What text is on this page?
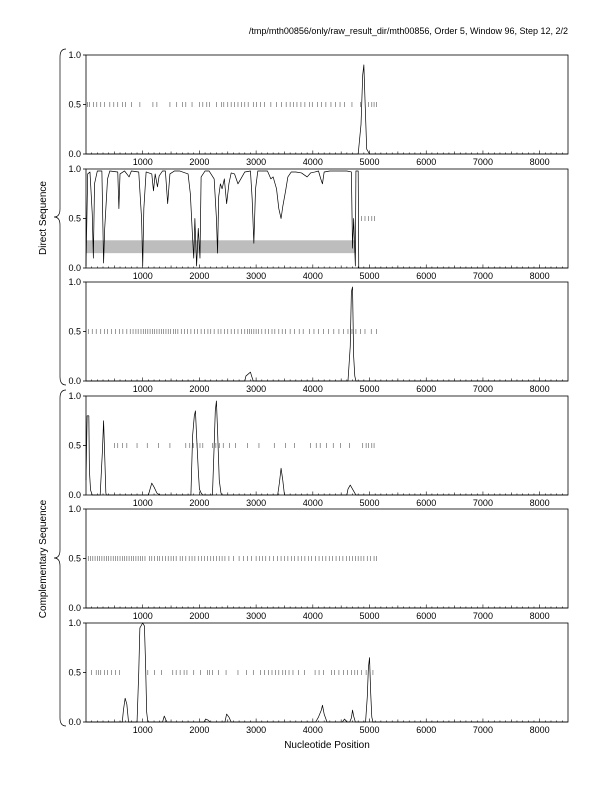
/tmp/mth00856/only/raw_result_dir/mth00856, Order 5, Window 96, Step 12, 2/2
0.0
0.5
1.0
1000	2000	3000	4000	5000	6000	7000	8000
0.0
0.5
1.0
1000	2000	3000	4000	5000	6000	7000	8000
0.0
0.5
1.0
1000	2000	3000	4000	5000	6000	7000	8000
0.0
0.5
1.0
1000	2000	3000	4000	5000	6000	7000	8000
0.0
0.5
1.0
1000	2000	3000	4000	5000	6000	7000	8000
0.0
0.5
1.0
1000	2000	3000	4000	5000	6000	7000	8000
Nucleotide Position
Direct Sequence
Complementary Sequence
